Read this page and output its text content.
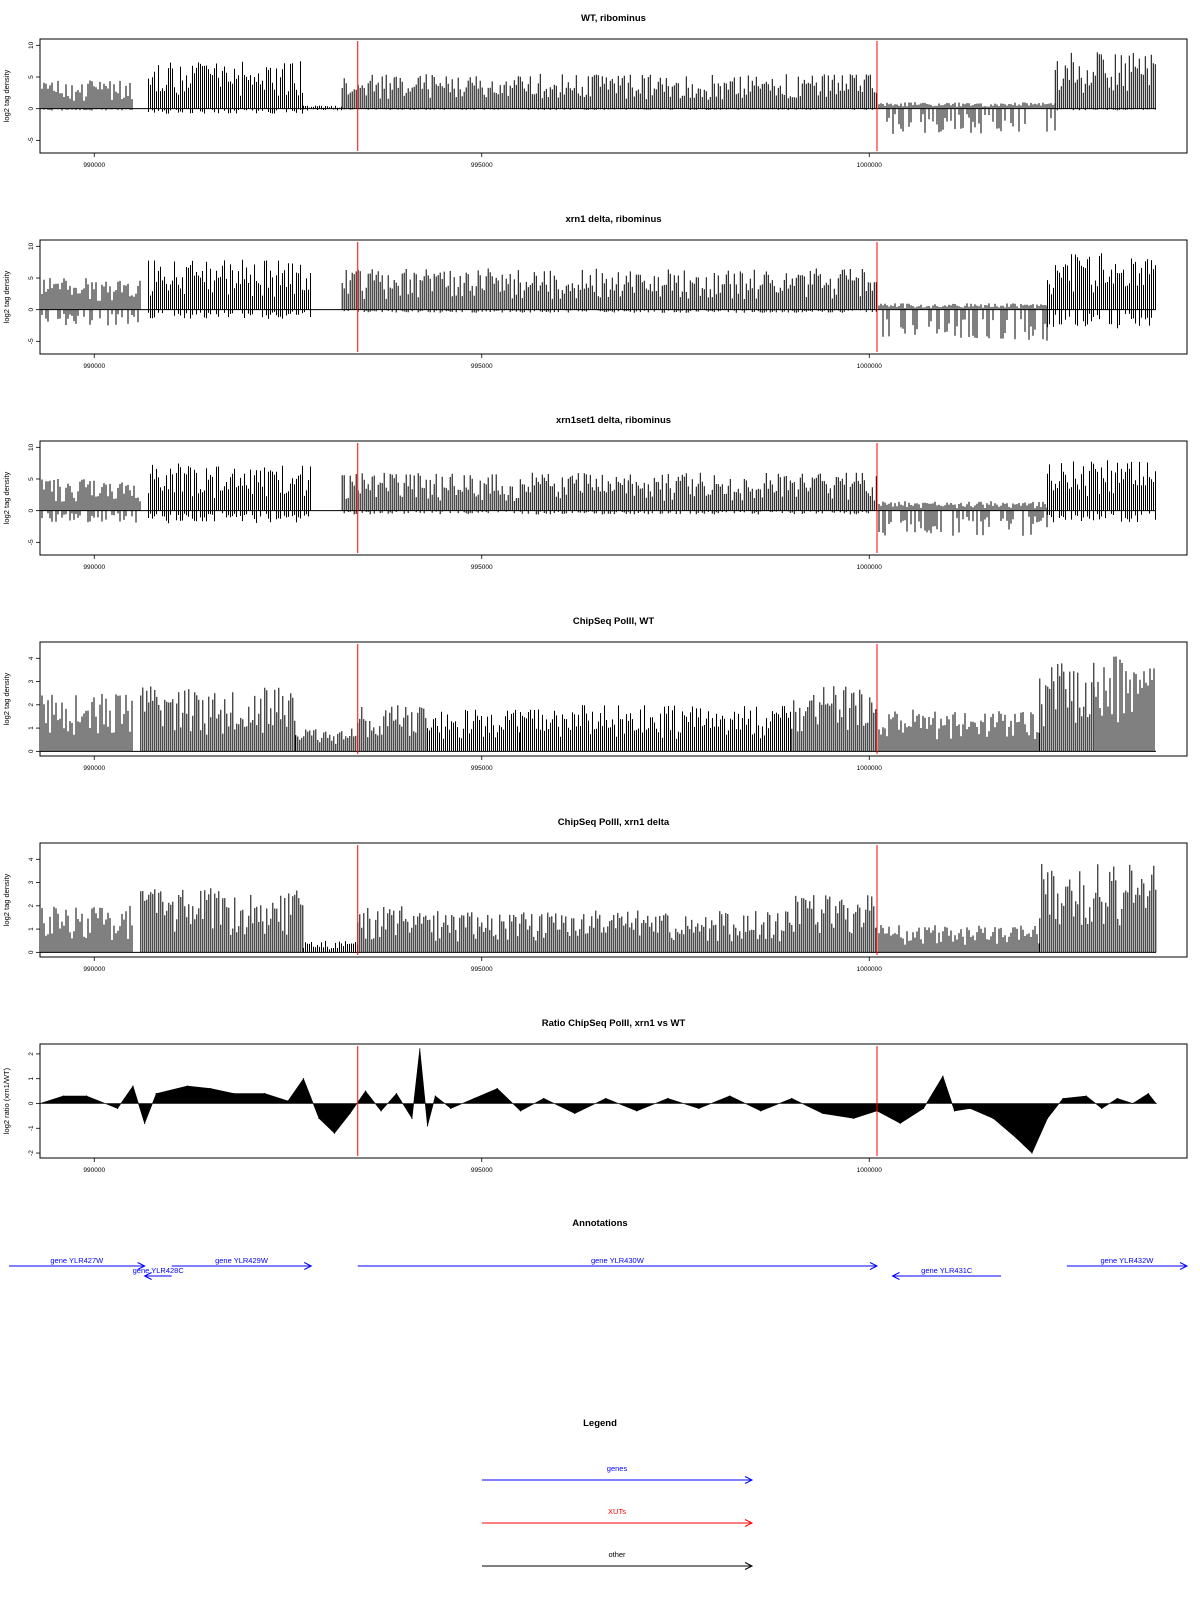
WT, ribominus
log2 tag density
-5
0
5
10
990000	995000	1000000
xrn1 delta, ribominus
log2 tag density
-5
0
5
10
990000	995000	1000000
xrn1set1 delta, ribominus
log2 tag density
-5
0
5
10
990000	995000	1000000
ChipSeq PolII, WT
log2 tag density
0
1
2
3
4
990000	995000	1000000
ChipSeq PolII, xrn1 delta
log2 tag density
0
1
2
3
4
990000	995000	1000000
Ratio ChipSeq PolII, xrn1 vs WT
log2 ratio (xrn1/WT)
-2
-1
0
1
2
990000	995000	1000000
Annotations
gene YLR427W
gene YLR428C
gene YLR429W	gene YLR430W
gene YLR431C
gene YLR432W
Legend
genes
XUTs
other
